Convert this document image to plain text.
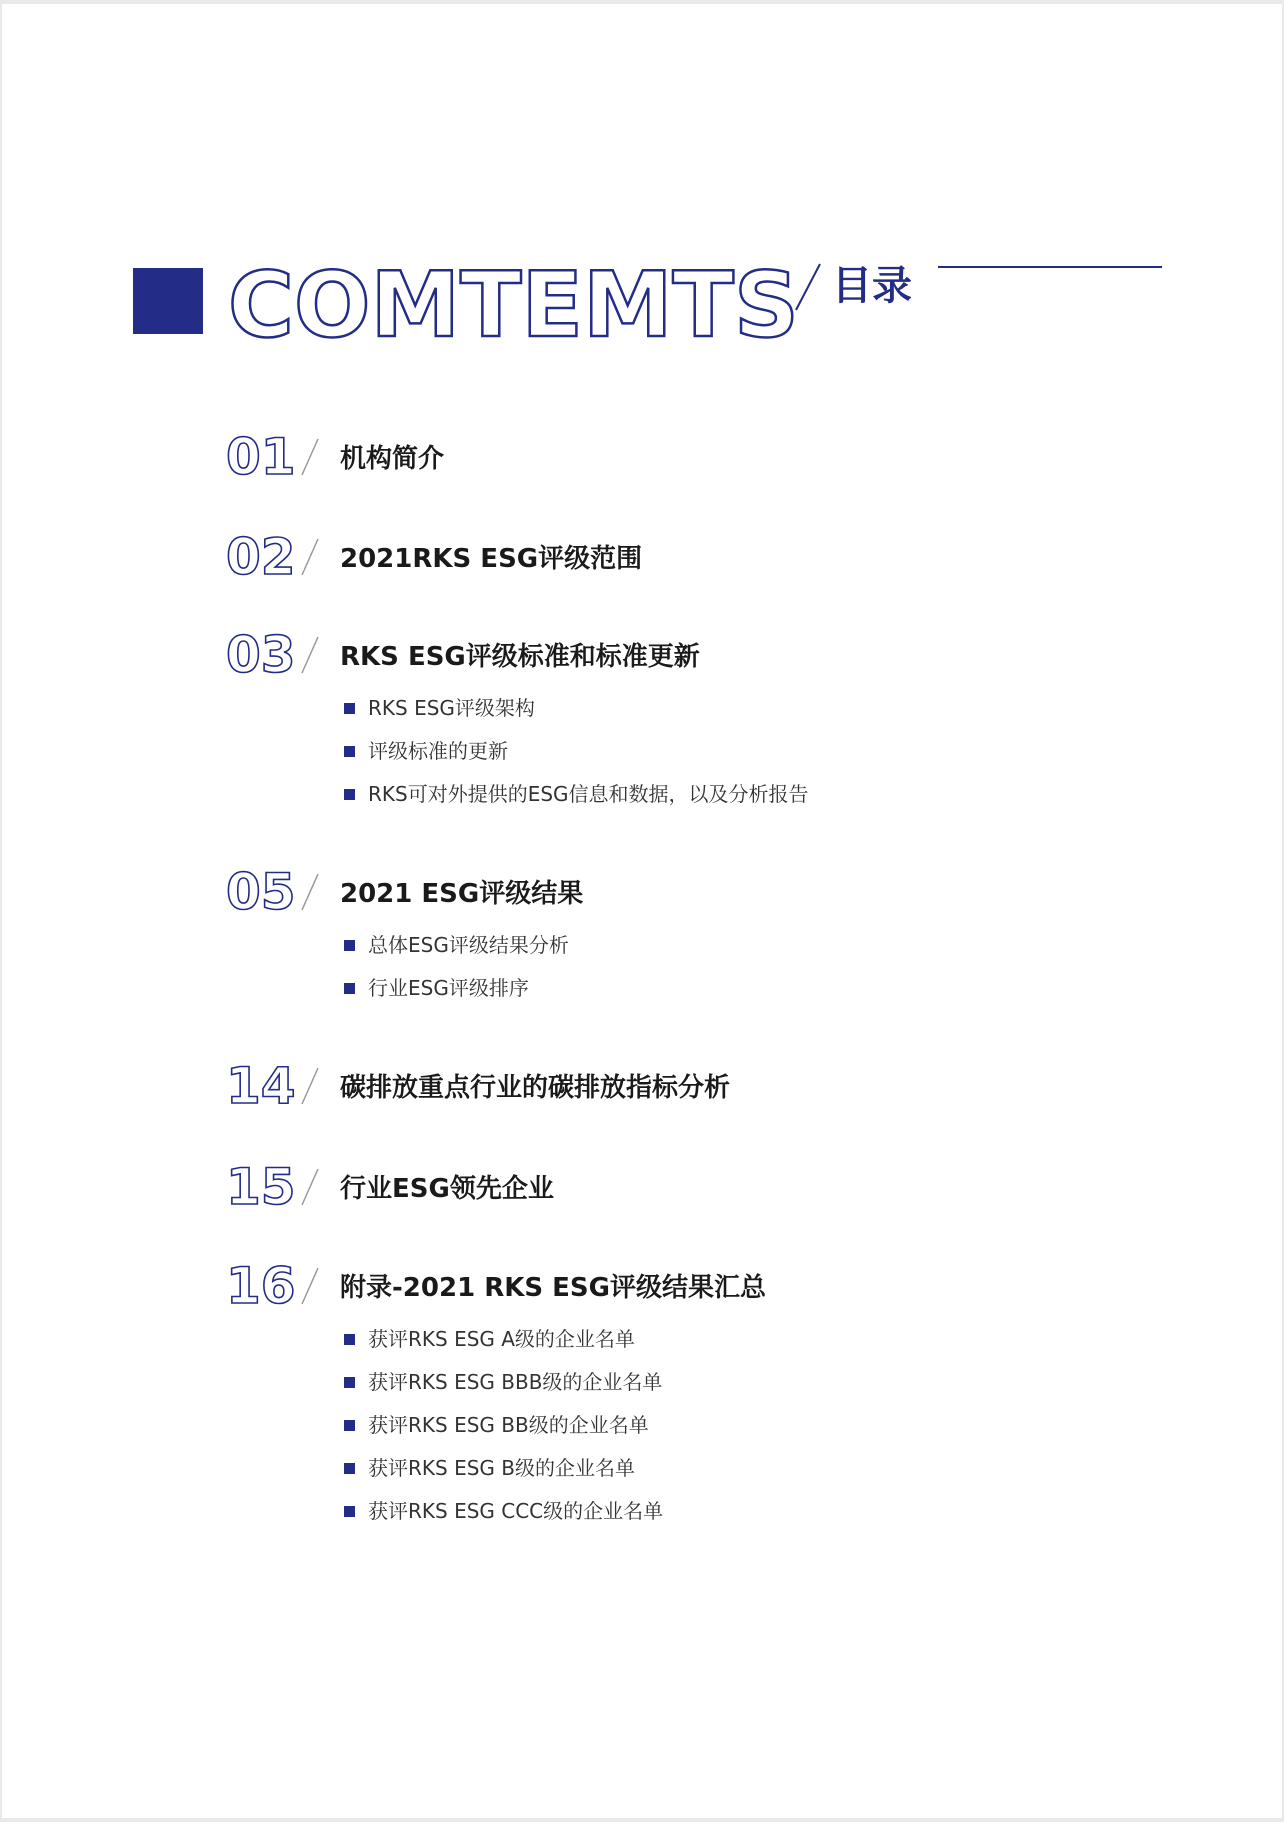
COMTEMTS 目录
01 机构简介
02 2021RKS ESG评级范围
03 RKS ESG评级标准和标准更新
RKS ESG评级架构
评级标准的更新
RKS可对外提供的ESG信息和数据，以及分析报告
05 2021 ESG评级结果
总体ESG评级结果分析
行业ESG评级排序
14 碳排放重点行业的碳排放指标分析
15 行业ESG领先企业
16 附录-2021 RKS ESG评级结果汇总
获评RKS ESG A级的企业名单
获评RKS ESG BBB级的企业名单
获评RKS ESG BB级的企业名单
获评RKS ESG B级的企业名单
获评RKS ESG CCC级的企业名单
